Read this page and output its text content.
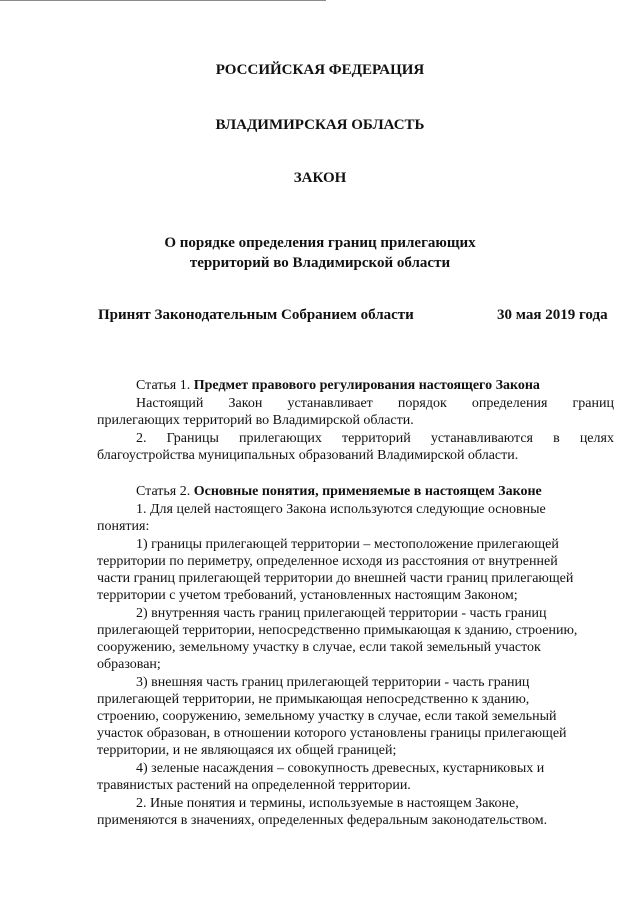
РОССИЙСКАЯ ФЕДЕРАЦИЯ
ВЛАДИМИРСКАЯ ОБЛАСТЬ
ЗАКОН
О порядке определения границ прилегающих
территорий во Владимирской области
Принят Законодательным Собранием области	30 мая 2019 года
Статья 1. Предмет правового регулирования настоящего Закона
Настоящий Закон устанавливает порядок определения границ
прилегающих территорий во Владимирской области.
2. Границы прилегающих территорий устанавливаются в целях
благоустройства муниципальных образований Владимирской области.
Статья 2. Основные понятия, применяемые в настоящем Законе
1. Для целей настоящего Закона используются следующие основные
понятия:
1) границы прилегающей территории – местоположение прилегающей
территории по периметру, определенное исходя из расстояния от внутренней
части границ прилегающей территории до внешней части границ прилегающей
территории с учетом требований, установленных настоящим Законом;
2) внутренняя часть границ прилегающей территории - часть границ
прилегающей территории, непосредственно примыкающая к зданию, строению,
сооружению, земельному участку в случае, если такой земельный участок
образован;
3) внешняя часть границ прилегающей территории - часть границ
прилегающей территории, не примыкающая непосредственно к зданию,
строению, сооружению, земельному участку в случае, если такой земельный
участок образован, в отношении которого установлены границы прилегающей
территории, и не являющаяся их общей границей;
4) зеленые насаждения – совокупность древесных, кустарниковых и
травянистых растений на определенной территории.
2. Иные понятия и термины, используемые в настоящем Законе,
применяются в значениях, определенных федеральным законодательством.
